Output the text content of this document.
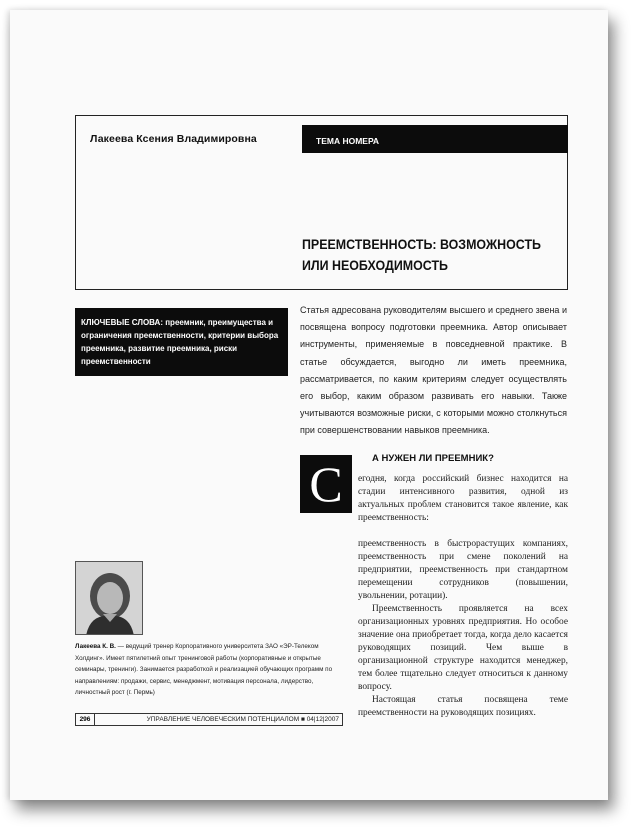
Лакеева Ксения Владимировна	ТЕМА НОМЕРА
ПРЕЕМСТВЕННОСТЬ: ВОЗМОЖНОСТЬ
ИЛИ НЕОБХОДИМОСТЬ
КЛЮЧЕВЫЕ СЛОВА: преемник, преимущества и ограничения преемственности, критерии выбора преемника, развитие преемника, риски преемственности
Статья адресована руководителям высшего и среднего звена и посвящена вопросу подготовки преемника. Автор описывает инструменты, применяемые в повседневной практике. В статье обсуждается, выгодно ли иметь преемника, рассматривается, по каким критериям следует осуществлять его выбор, каким образом развивать его навыки. Также учитываются возможные риски, с которыми можно столкнуться при совершенствовании навыков преемника.
А НУЖЕН ЛИ ПРЕЕМНИК?
С	егодня, когда российский бизнес находится на стадии интенсивного развития, одной из актуальных проблем становится такое явление, как преемственность:

преемственность в быстрорастущих компаниях, преемственность при смене поколений на предприятии, преемственность при стандартном перемещении сотрудников (повышении, увольнении, ротации).

Преемственность проявляется на всех организационных уровнях предприятия. Но особое значение она приобретает тогда, когда дело касается руководящих позиций. Чем выше в организационной структуре находится менеджер, тем более тщательно следует относиться к данному вопросу.

Настоящая статья посвящена теме преемственности на руководящих позициях.

Лакеева К. В. — ведущий тренер Корпоративного университета ЗАО «ЭР-Телеком Холдинг». Имеет пятилетний опыт тренинговой работы (корпоративные и открытые семинары, тренинги). Занимается разработкой и реализацией обучающих программ по направлениям: продажи, сервис, менеджмент, мотивация персонала, лидерство, личностный рост (г. Пермь)
296	УПРАВЛЕНИЕ ЧЕЛОВЕЧЕСКИМ ПОТЕНЦИАЛОМ ■ 04|12|2007
